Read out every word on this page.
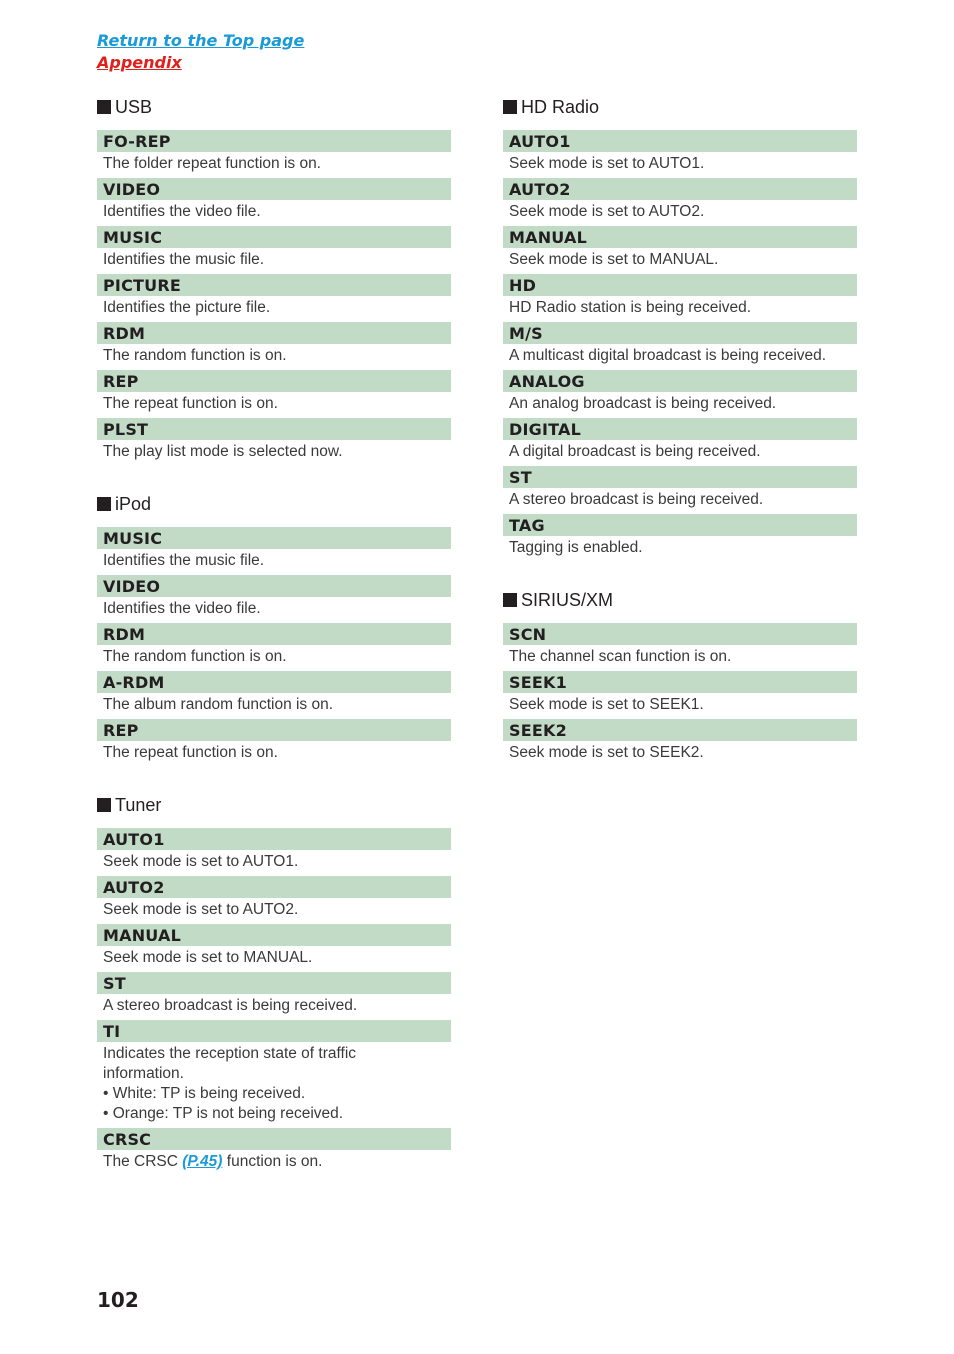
Return to the Top page
Appendix
USB
FO-REP
The folder repeat function is on.
VIDEO
Identifies the video file.
MUSIC
Identifies the music file.
PICTURE
Identifies the picture file.
RDM
The random function is on.
REP
The repeat function is on.
PLST
The play list mode is selected now.
iPod
MUSIC
Identifies the music file.
VIDEO
Identifies the video file.
RDM
The random function is on.
A-RDM
The album random function is on.
REP
The repeat function is on.
Tuner
AUTO1
Seek mode is set to AUTO1.
AUTO2
Seek mode is set to AUTO2.
MANUAL
Seek mode is set to MANUAL.
ST
A stereo broadcast is being received.
TI
Indicates the reception state of traffic
information.
• White: TP is being received.
• Orange: TP is not being received.
CRSC
The CRSC (P.45) function is on.
HD Radio
AUTO1
Seek mode is set to AUTO1.
AUTO2
Seek mode is set to AUTO2.
MANUAL
Seek mode is set to MANUAL.
HD
HD Radio station is being received.
M/S
A multicast digital broadcast is being received.
ANALOG
An analog broadcast is being received.
DIGITAL
A digital broadcast is being received.
ST
A stereo broadcast is being received.
TAG
Tagging is enabled.
SIRIUS/XM
SCN
The channel scan function is on.
SEEK1
Seek mode is set to SEEK1.
SEEK2
Seek mode is set to SEEK2.
102
